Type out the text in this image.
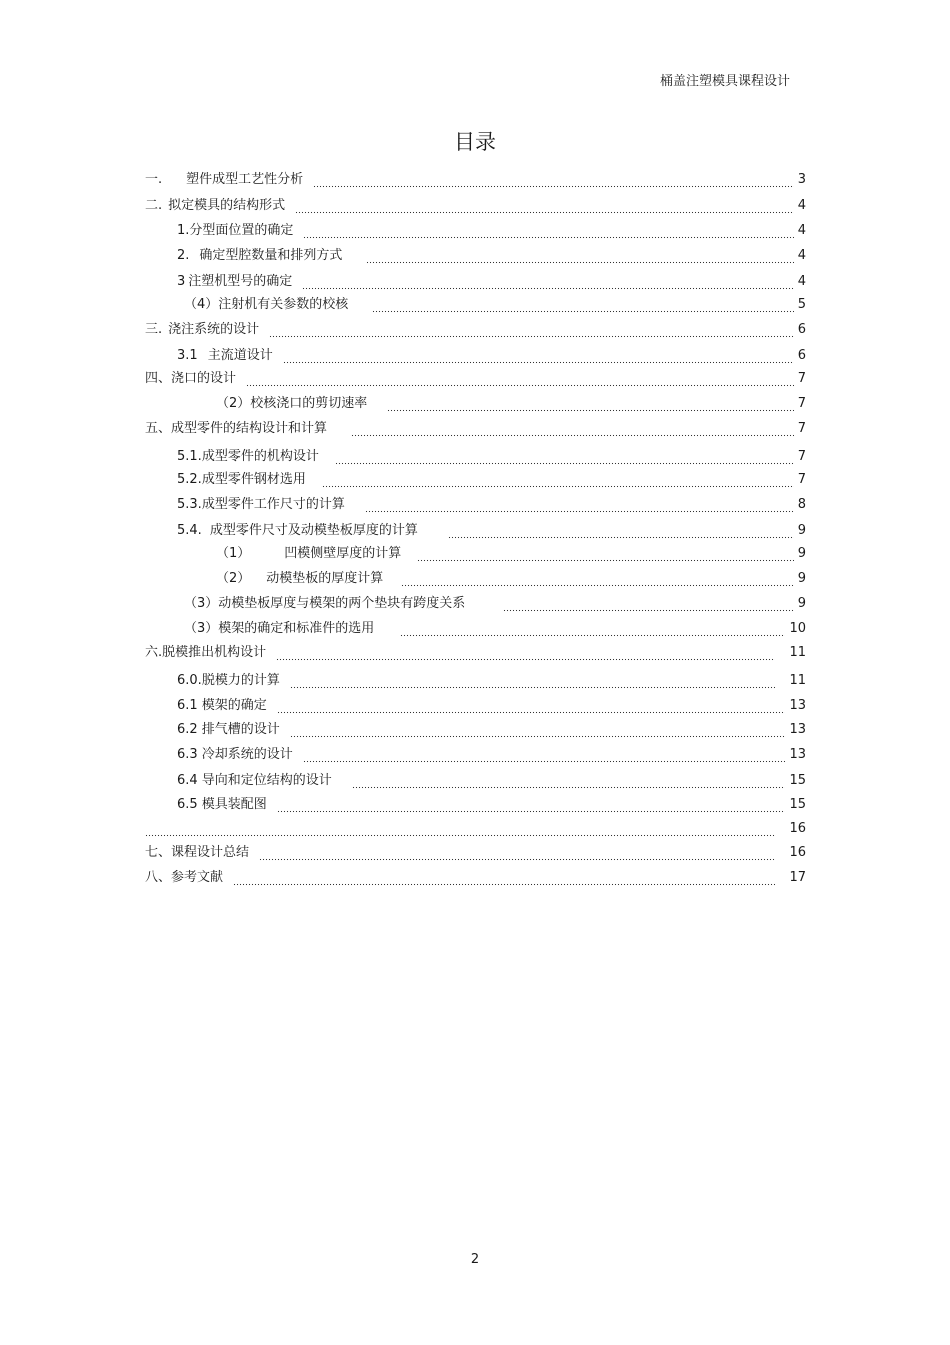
桶盖注塑模具课程设计
目录
一. 塑件成型工艺性分析	3
二. 拟定模具的结构形式	4
1. 分型面位置的确定	4
2. 确定型腔数量和排列方式	4
3 注塑机型号的确定	4
（4） 注射机有关参数的校核	5
三. 浇注系统的设计	6
3.1 主流道设计	6
四、 浇口的设计	7
（2） 校核浇口的剪切速率	7
五、 成型零件的结构设计和计算	7
5.1. 成型零件的机构设计	7
5.2. 成型零件钢材选用	7
5.3. 成型零件工作尺寸的计算	8
5.4. 成型零件尺寸及动模垫板厚度的计算	9
（1）	凹模侧壁厚度的计算	9
（2） 动模垫板的厚度计算	9
（3） 动模垫板厚度与模架的两个垫块有跨度关系	9
（3） 模架的确定和标准件的选用	10
六. 脱模推出机构设计	11
6.0. 脱模力的计算	11
6.1 模架的确定	13
6.2 排气槽的设计	13
6.3 冷却系统的设计	13
6.4 导向和定位结构的设计	15
6.5 模具装配图	15
16
七、 课程设计总结	16
八、 参考文献	17
2
